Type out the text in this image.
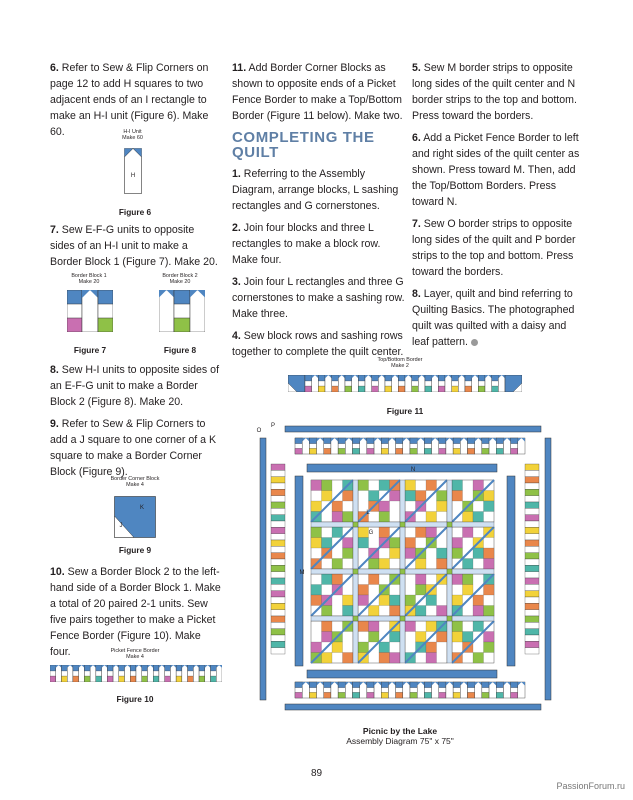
6. Refer to Sew & Flip Corners on page 12 to add H squares to two adjacent ends of an I rectangle to make an H-I unit (Figure 6). Make 60.	H-I Unit
Make 60
H
Figure 6

7. Sew E-F-G units to opposite sides of an H-I unit to make a Border Block 1 (Figure 7). Make 20.

Border Block 1
Make 20
Figure 7
Border Block 2
Make 20
Figure 8

8. Sew H-I units to opposite sides of an E-F-G unit to make a Border Block 2 (Figure 8). Make 20.

9. Refer to Sew & Flip Corners to add a J square to one corner of a K square to make a Border Corner Block (Figure 9).

Border Corner Block
Make 4
K
J
Figure 9

10. Sew a Border Block 2 to the left-hand side of a Border Block 1. Make a total of 20 paired 2-1 units. Sew five pairs together to make a Picket Fence Border (Figure 10). Make four.	Picket Fence Border
Make 4
Figure 10

11. Add Border Corner Blocks as shown to opposite ends of a Picket Fence Border to make a Top/Bottom Border (Figure 11 below). Make two.

COMPLETING THE
QUILT

1. Referring to the Assembly Diagram, arrange blocks, L sashing rectangles and G cornerstones.

2. Join four blocks and three L rectangles to make a block row. Make four.

3. Join four L rectangles and three G cornerstones to make a sashing row. Make three.

4. Sew block rows and sashing rows together to complete the quilt center.

5. Sew M border strips to opposite long sides of the quilt center and N border strips to the top and bottom. Press toward the borders.

6. Add a Picket Fence Border to left and right sides of the quilt center as shown. Press toward M. Then, add the Top/Bottom Borders. Press toward N.

7. Sew O border strips to opposite long sides of the quilt and P border strips to the top and bottom. Press toward the borders.

8. Layer, quilt and bind referring to Quilting Basics. The photographed quilt was quilted with a daisy and leaf pattern.

Top/Bottom Border
Make 2
Figure 11
O
P
N
M
L
G
Picnic by the Lake
Assembly Diagram 75" x 75"
89
PassionForum.ru
